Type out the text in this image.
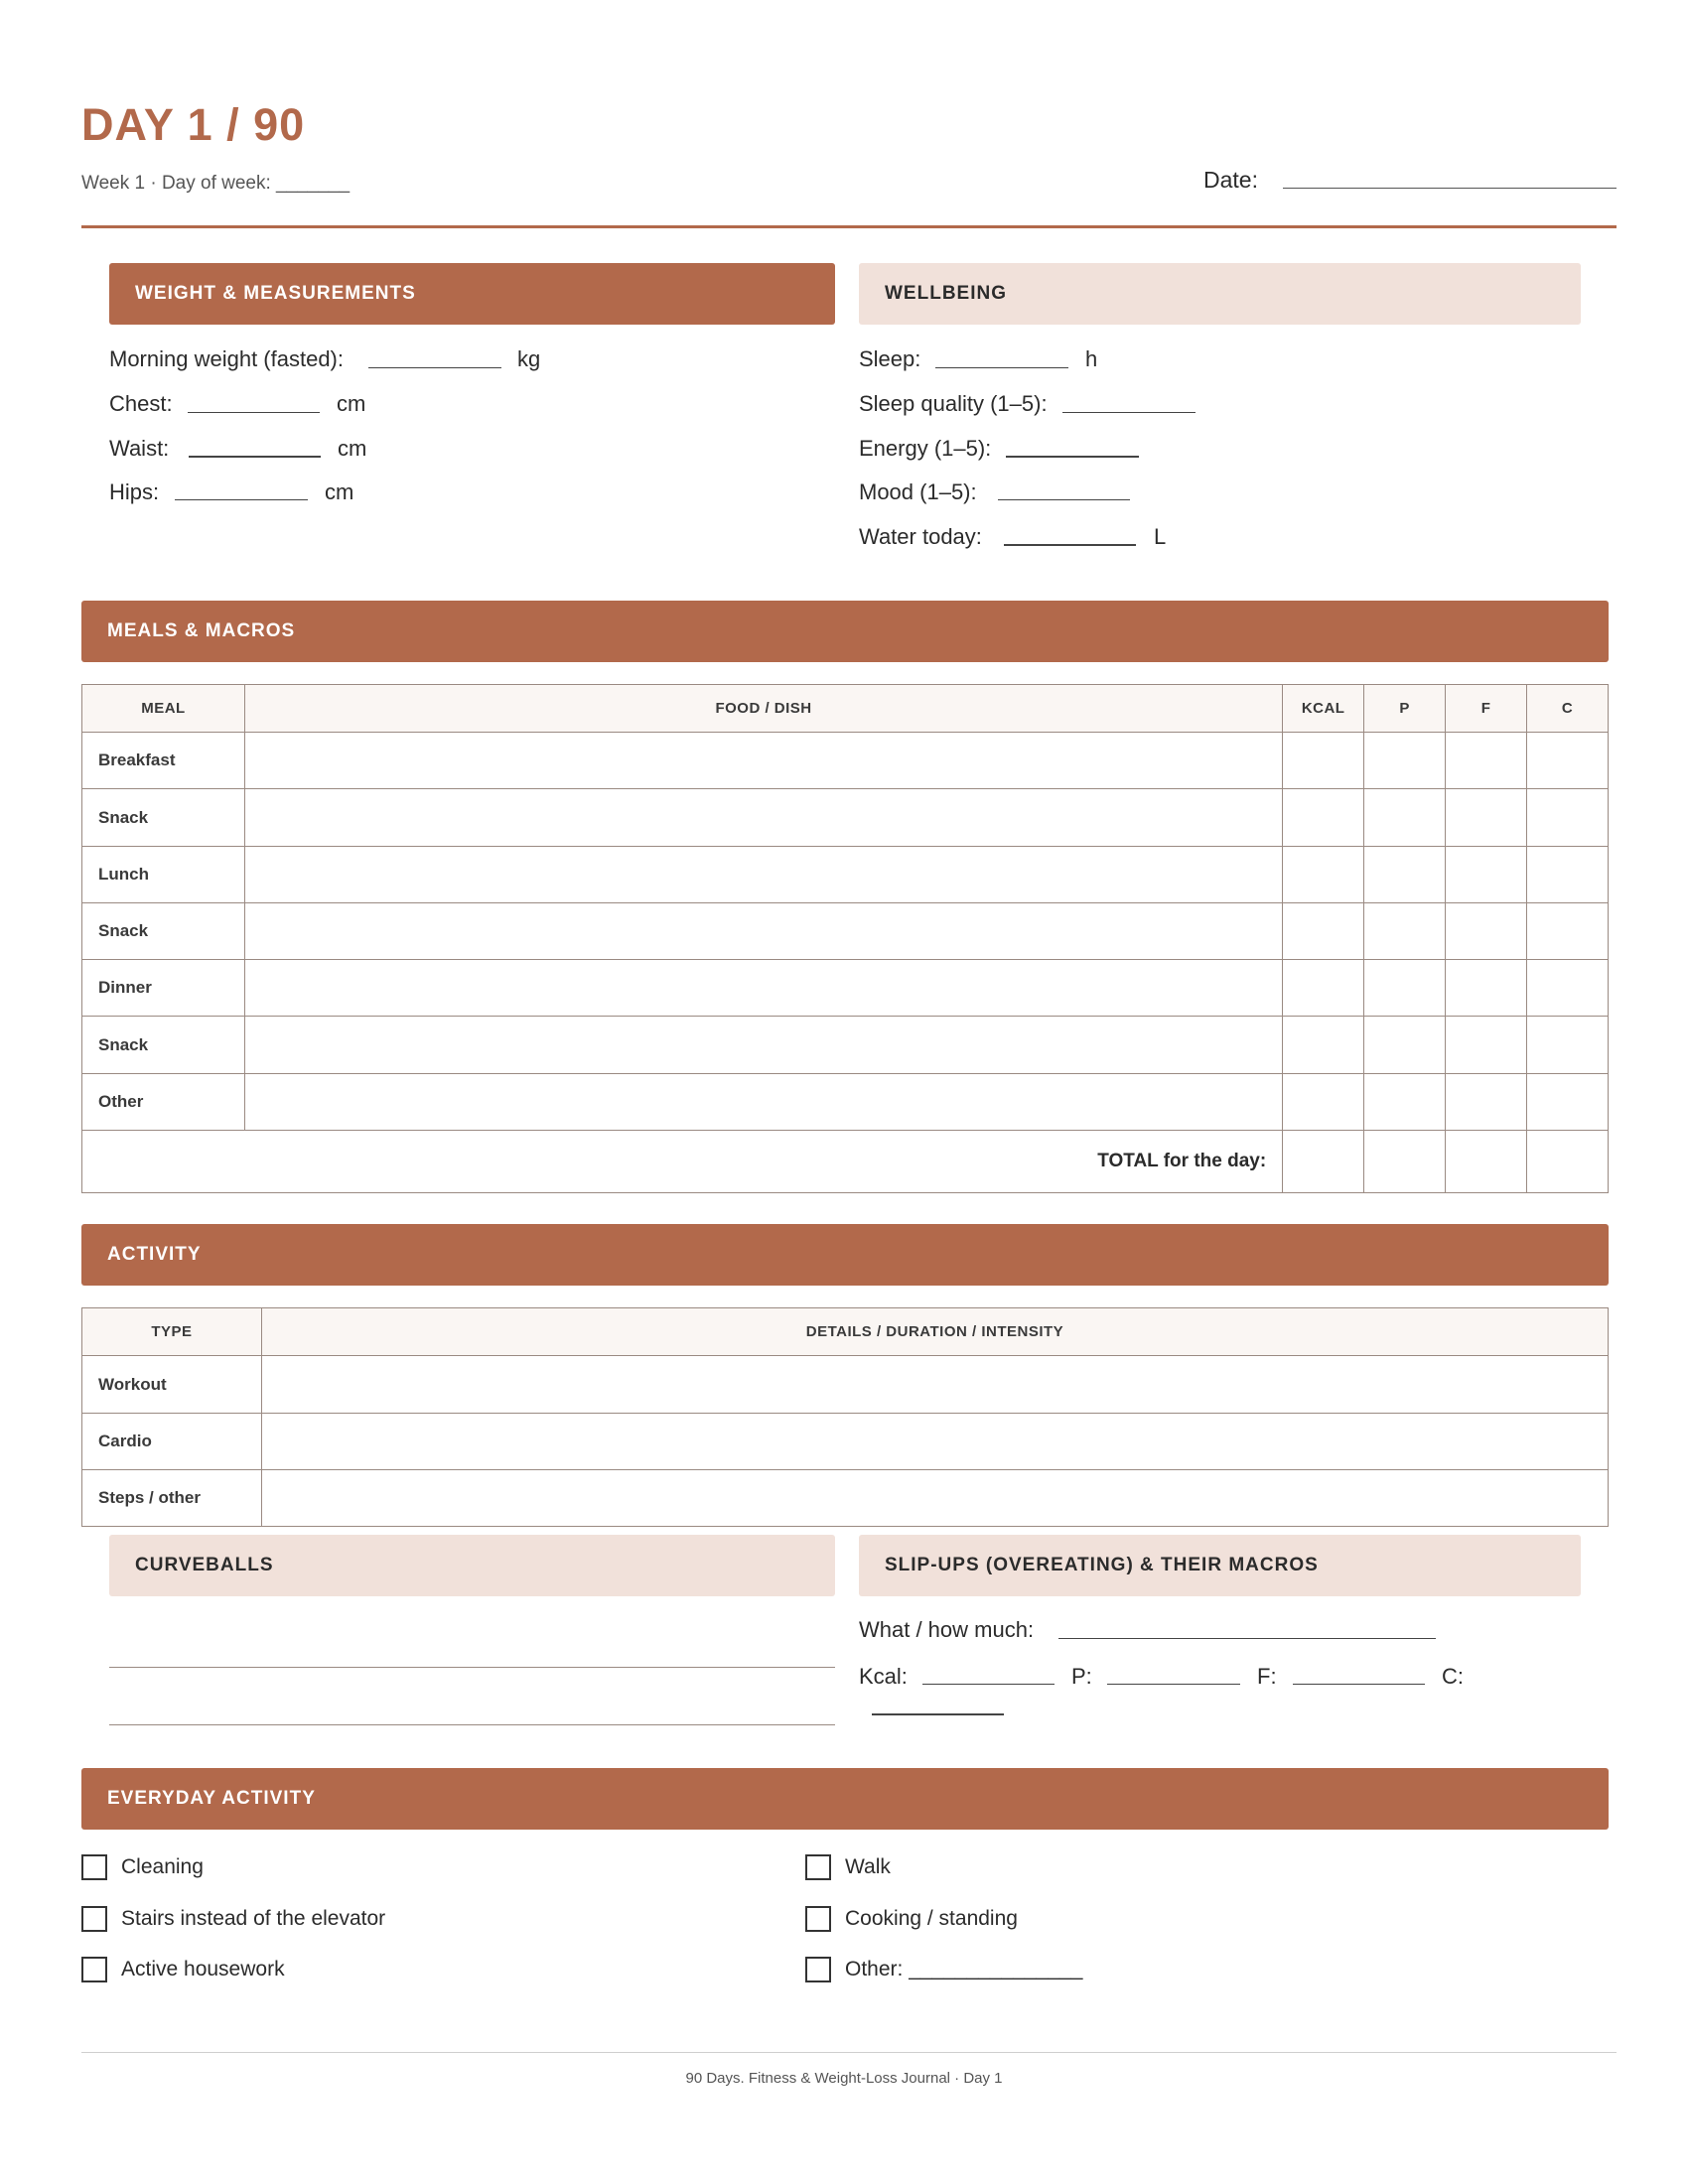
DAY 1 / 90
Week 1 · Day of week: _______	Date:
WEIGHT & MEASUREMENTS
Morning weight (fasted):	kg
Chest:	cm
Waist:	cm
Hips:	cm
WELLBEING
Sleep:	h
Sleep quality (1–5):
Energy (1–5):
Mood (1–5):
Water today:	L
MEALS & MACROS
MEAL	FOOD / DISH	KCAL	P	F	C
Breakfast					
Snack					
Lunch					
Snack					
Dinner					
Snack					
Other					
TOTAL for the day:					
ACTIVITY
TYPE	DETAILS / DURATION / INTENSITY
Workout	
Cardio	
Steps / other	
CURVEBALLS	SLIP-UPS (OVEREATING) & THEIR MACROS
What / how much:
Kcal:	P:	F:	C:
EVERYDAY ACTIVITY
Cleaning
Stairs instead of the elevator
Active housework
Walk
Cooking / standing
Other: _______________
90 Days. Fitness & Weight-Loss Journal · Day 1
